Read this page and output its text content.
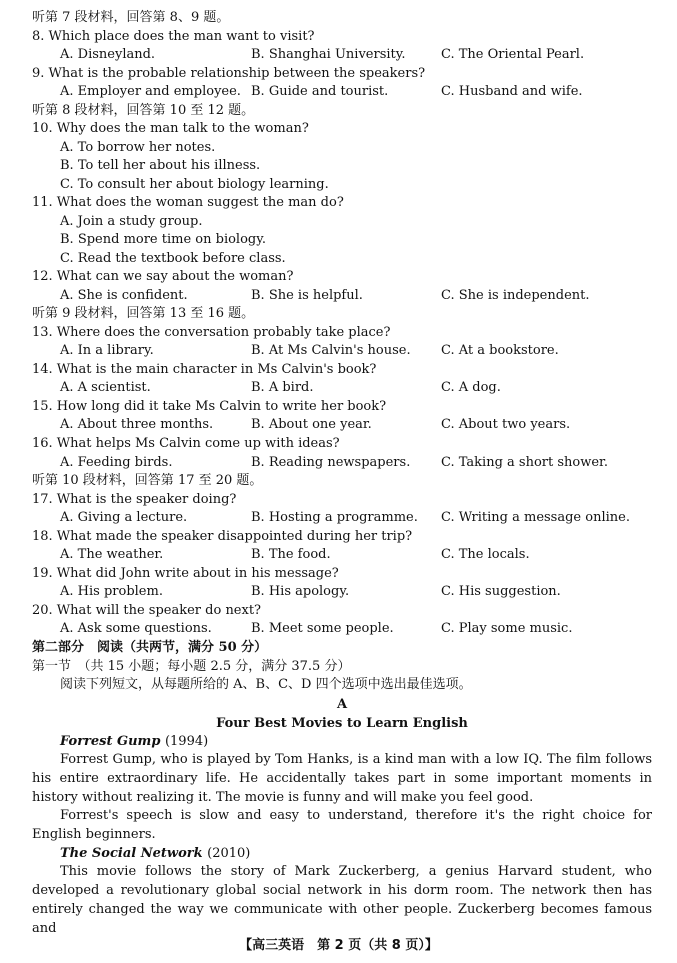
听第 7 段材料，回答第 8、9 题。
8. Which place does the man want to visit?
A. Disneyland.	B. Shanghai University.	C. The Oriental Pearl.
9. What is the probable relationship between the speakers?
A. Employer and employee. B. Guide and tourist.	C. Husband and wife.
听第 8 段材料，回答第 10 至 12 题。
10. Why does the man talk to the woman?
A. To borrow her notes.
B. To tell her about his illness.
C. To consult her about biology learning.
11. What does the woman suggest the man do?
A. Join a study group.
B. Spend more time on biology.
C. Read the textbook before class.
12. What can we say about the woman?
A. She is confident.	B. She is helpful.	C. She is independent.
听第 9 段材料，回答第 13 至 16 题。
13. Where does the conversation probably take place?
A. In a library.	B. At Ms Calvin's house.	C. At a bookstore.
14. What is the main character in Ms Calvin's book?
A. A scientist.	B. A bird.	C. A dog.
15. How long did it take Ms Calvin to write her book?
A. About three months.	B. About one year.	C. About two years.
16. What helps Ms Calvin come up with ideas?
A. Feeding birds.	B. Reading newspapers.	C. Taking a short shower.
听第 10 段材料，回答第 17 至 20 题。
17. What is the speaker doing?
A. Giving a lecture.	B. Hosting a programme.	C. Writing a message online.
18. What made the speaker disappointed during her trip?
A. The weather.	B. The food.	C. The locals.
19. What did John write about in his message?
A. His problem.	B. His apology.	C. His suggestion.
20. What will the speaker do next?
A. Ask some questions.	B. Meet some people.	C. Play some music.
第二部分　阅读（共两节，满分 50 分）
第一节　（共 15 小题；每小题 2.5 分，满分 37.5 分）
阅读下列短文，从每题所给的 A、B、C、D 四个选项中选出最佳选项。
A
Four Best Movies to Learn English
Forrest Gump (1994)
Forrest Gump, who is played by Tom Hanks, is a kind man with a low IQ. The film follows his entire extraordinary life. He accidentally takes part in some important moments in history without realizing it. The movie is funny and will make you feel good.
Forrest's speech is slow and easy to understand, therefore it's the right choice for English beginners.
The Social Network (2010)
This movie follows the story of Mark Zuckerberg, a genius Harvard student, who developed a revolutionary global social network in his dorm room. The network then has entirely changed the way we communicate with other people. Zuckerberg becomes famous and
【高三英语　第 2 页（共 8 页）】
